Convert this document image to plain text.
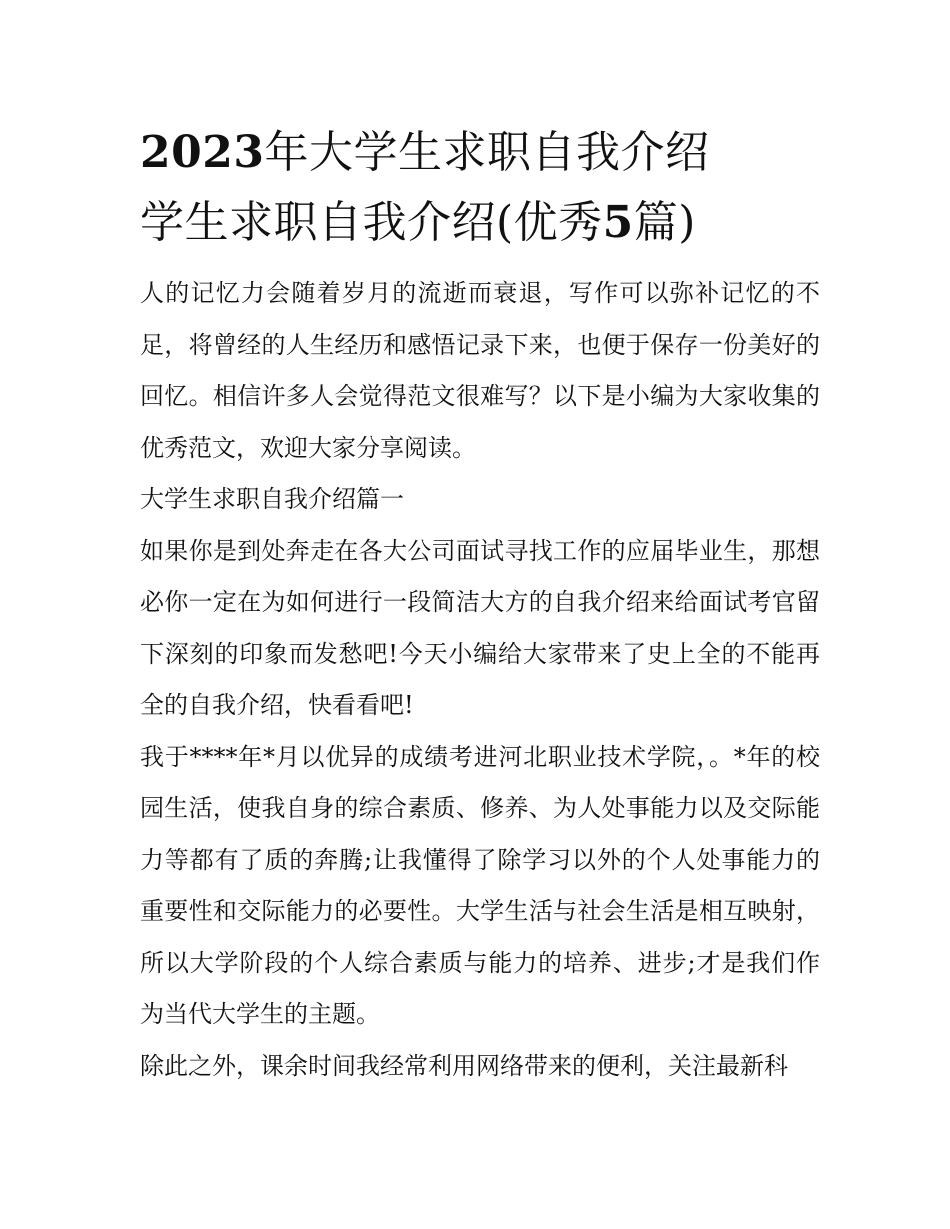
2023年大学生求职自我介绍
学生求职自我介绍(优秀5篇)

人的记忆力会随着岁月的流逝而衰退，写作可以弥补记忆的不足，将曾经的人生经历和感悟记录下来，也便于保存一份美好的回忆。相信许多人会觉得范文很难写？以下是小编为大家收集的优秀范文，欢迎大家分享阅读。

大学生求职自我介绍篇一

如果你是到处奔走在各大公司面试寻找工作的应届毕业生，那想必你一定在为如何进行一段简洁大方的自我介绍来给面试考官留下深刻的印象而发愁吧!今天小编给大家带来了史上全的不能再全的自我介绍，快看看吧!

我于****年*月以优异的成绩考进河北职业技术学院，。*年的校园生活，使我自身的综合素质、修养、为人处事能力以及交际能力等都有了质的奔腾;让我懂得了除学习以外的个人处事能力的重要性和交际能力的必要性。大学生活与社会生活是相互映射，所以大学阶段的个人综合素质与能力的培养、进步;才是我们作为当代大学生的主题。

除此之外，课余时间我经常利用网络带来的便利，关注最新科
